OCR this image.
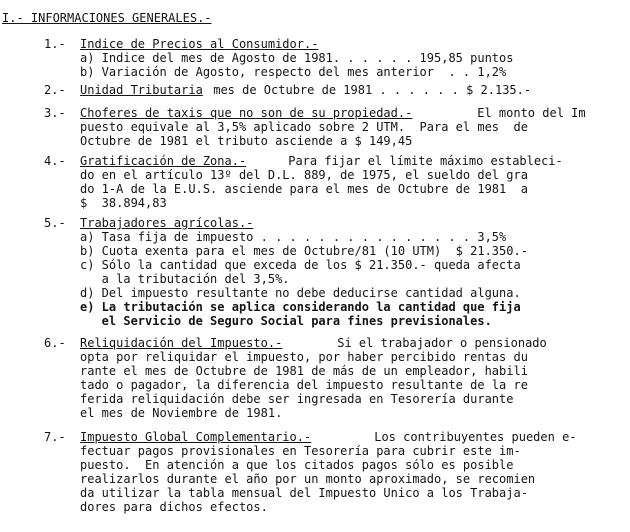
I.- INFORMACIONES GENERALES.-
1.- Indice de Precios al Consumidor.-
a) Indice del mes de Agosto de 1981. . . . . . 195,85 puntos
b) Variación de Agosto, respecto del mes anterior  . . 1,2%
2.- Unidad Tributaria mes de Octubre de 1981 . . . . . . $ 2.135.-
3.- Choferes de taxis que no son de su propiedad.-	El monto del Im
puesto equivale al 3,5% aplicado sobre 2 UTM.  Para el mes  de
Octubre de 1981 el tributo asciende a $ 149,45
4.- Gratificación de Zona.-	Para fijar el límite máximo estableci-
do en el artículo 13º del D.L. 889, de 1975, el sueldo del gra
do 1-A de la E.U.S. asciende para el mes de Octubre de 1981  a
$  38.894,83
5.- Trabajadores agrícolas.-
a) Tasa fija de impuesto . . . . . . . . . . . . . . . 3,5%
b) Cuota exenta para el mes de Octubre/81 (10 UTM)  $ 21.350.-
c) Sólo la cantidad que exceda de los $ 21.350.- queda afecta
a la tributación del 3,5%.
d) Del impuesto resultante no debe deducirse cantidad alguna.
e) La tributación se aplica considerando la cantidad que fija
el Servicio de Seguro Social para fines previsionales.
6.- Reliquidación del Impuesto.-	Si el trabajador o pensionado
opta por reliquidar el impuesto, por haber percibido rentas du
rante el mes de Octubre de 1981 de más de un empleador, habili
tado o pagador, la diferencia del impuesto resultante de la re
ferida reliquidación debe ser ingresada en Tesorería durante
el mes de Noviembre de 1981.
7.- Impuesto Global Complementario.-	Los contribuyentes pueden e-
fectuar pagos provisionales en Tesorería para cubrir este im-
puesto.  En atención a que los citados pagos sólo es posible
realizarlos durante el año por un monto aproximado, se recomien
da utilizar la tabla mensual del Impuesto Unico a los Trabaja-
dores para dichos efectos.
